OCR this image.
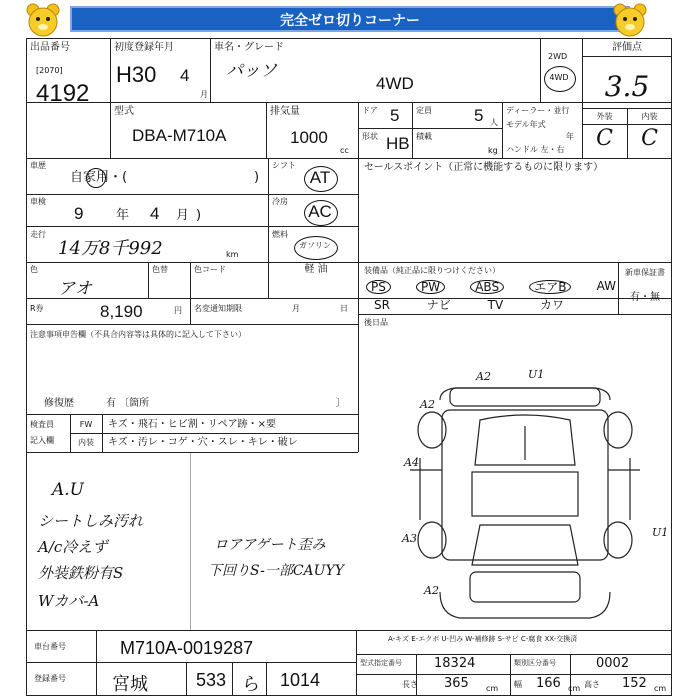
完全ゼロ切りコーナー
出品番号
[2070]
4192
初度登録年月
H30 4
月
車名・グレード
パッソ
4WD
2WD
4WD
評価点
3.5
外装	内装
C	C
型式
DBA-M710A
排気量
1000
cc
ドア 5 定員 5 人
形状 HB 積載
kg
ディーラー・並行
モデル年式
年
ハンドル 左・右
車歴
自家用・(	)
シフト
AT
車検
9	年 4 月 )
冷房
AC
走行
14万8千992	km
燃料
ガソリン
軽 油
色
アオ
色替	色コード
セールスポイント（正常に機能するものに限ります）
装備品（純正品に限りつけください）
PS	PW	ABS	エアB	AW
SR	ナビ	TV	カワ
新車保証書
有・無
後日品
R券	8,190	円 名変通知期限	月	日
注意事項申告欄（不具合内容等は具体的に記入して下さい）
修復歴	有 〔箇所	〕
検査員
記入欄
FW	キズ・飛石・ヒビ割・リペア跡・×要
内装	キズ・汚レ・コゲ・穴・スレ・キレ・破レ
A.U
シートしみ汚れ
A/c冷えず
外装鉄粉有S
Wカバ-A
ロアアゲート歪み
下回りS-一部CAUYY
A2	U1
A2
A4
A3	U1
A2
車台番号	M710A-0019287
登録番号	宮城	533 ら 1014
A-キズ E-エクボ U-凹み W-補修跡 S-サビ C-腐食 XX-交換済
型式指定番号 18324	類別区分番号	0002
長さ 365 cm 幅 166 cm 高さ 152 cm
